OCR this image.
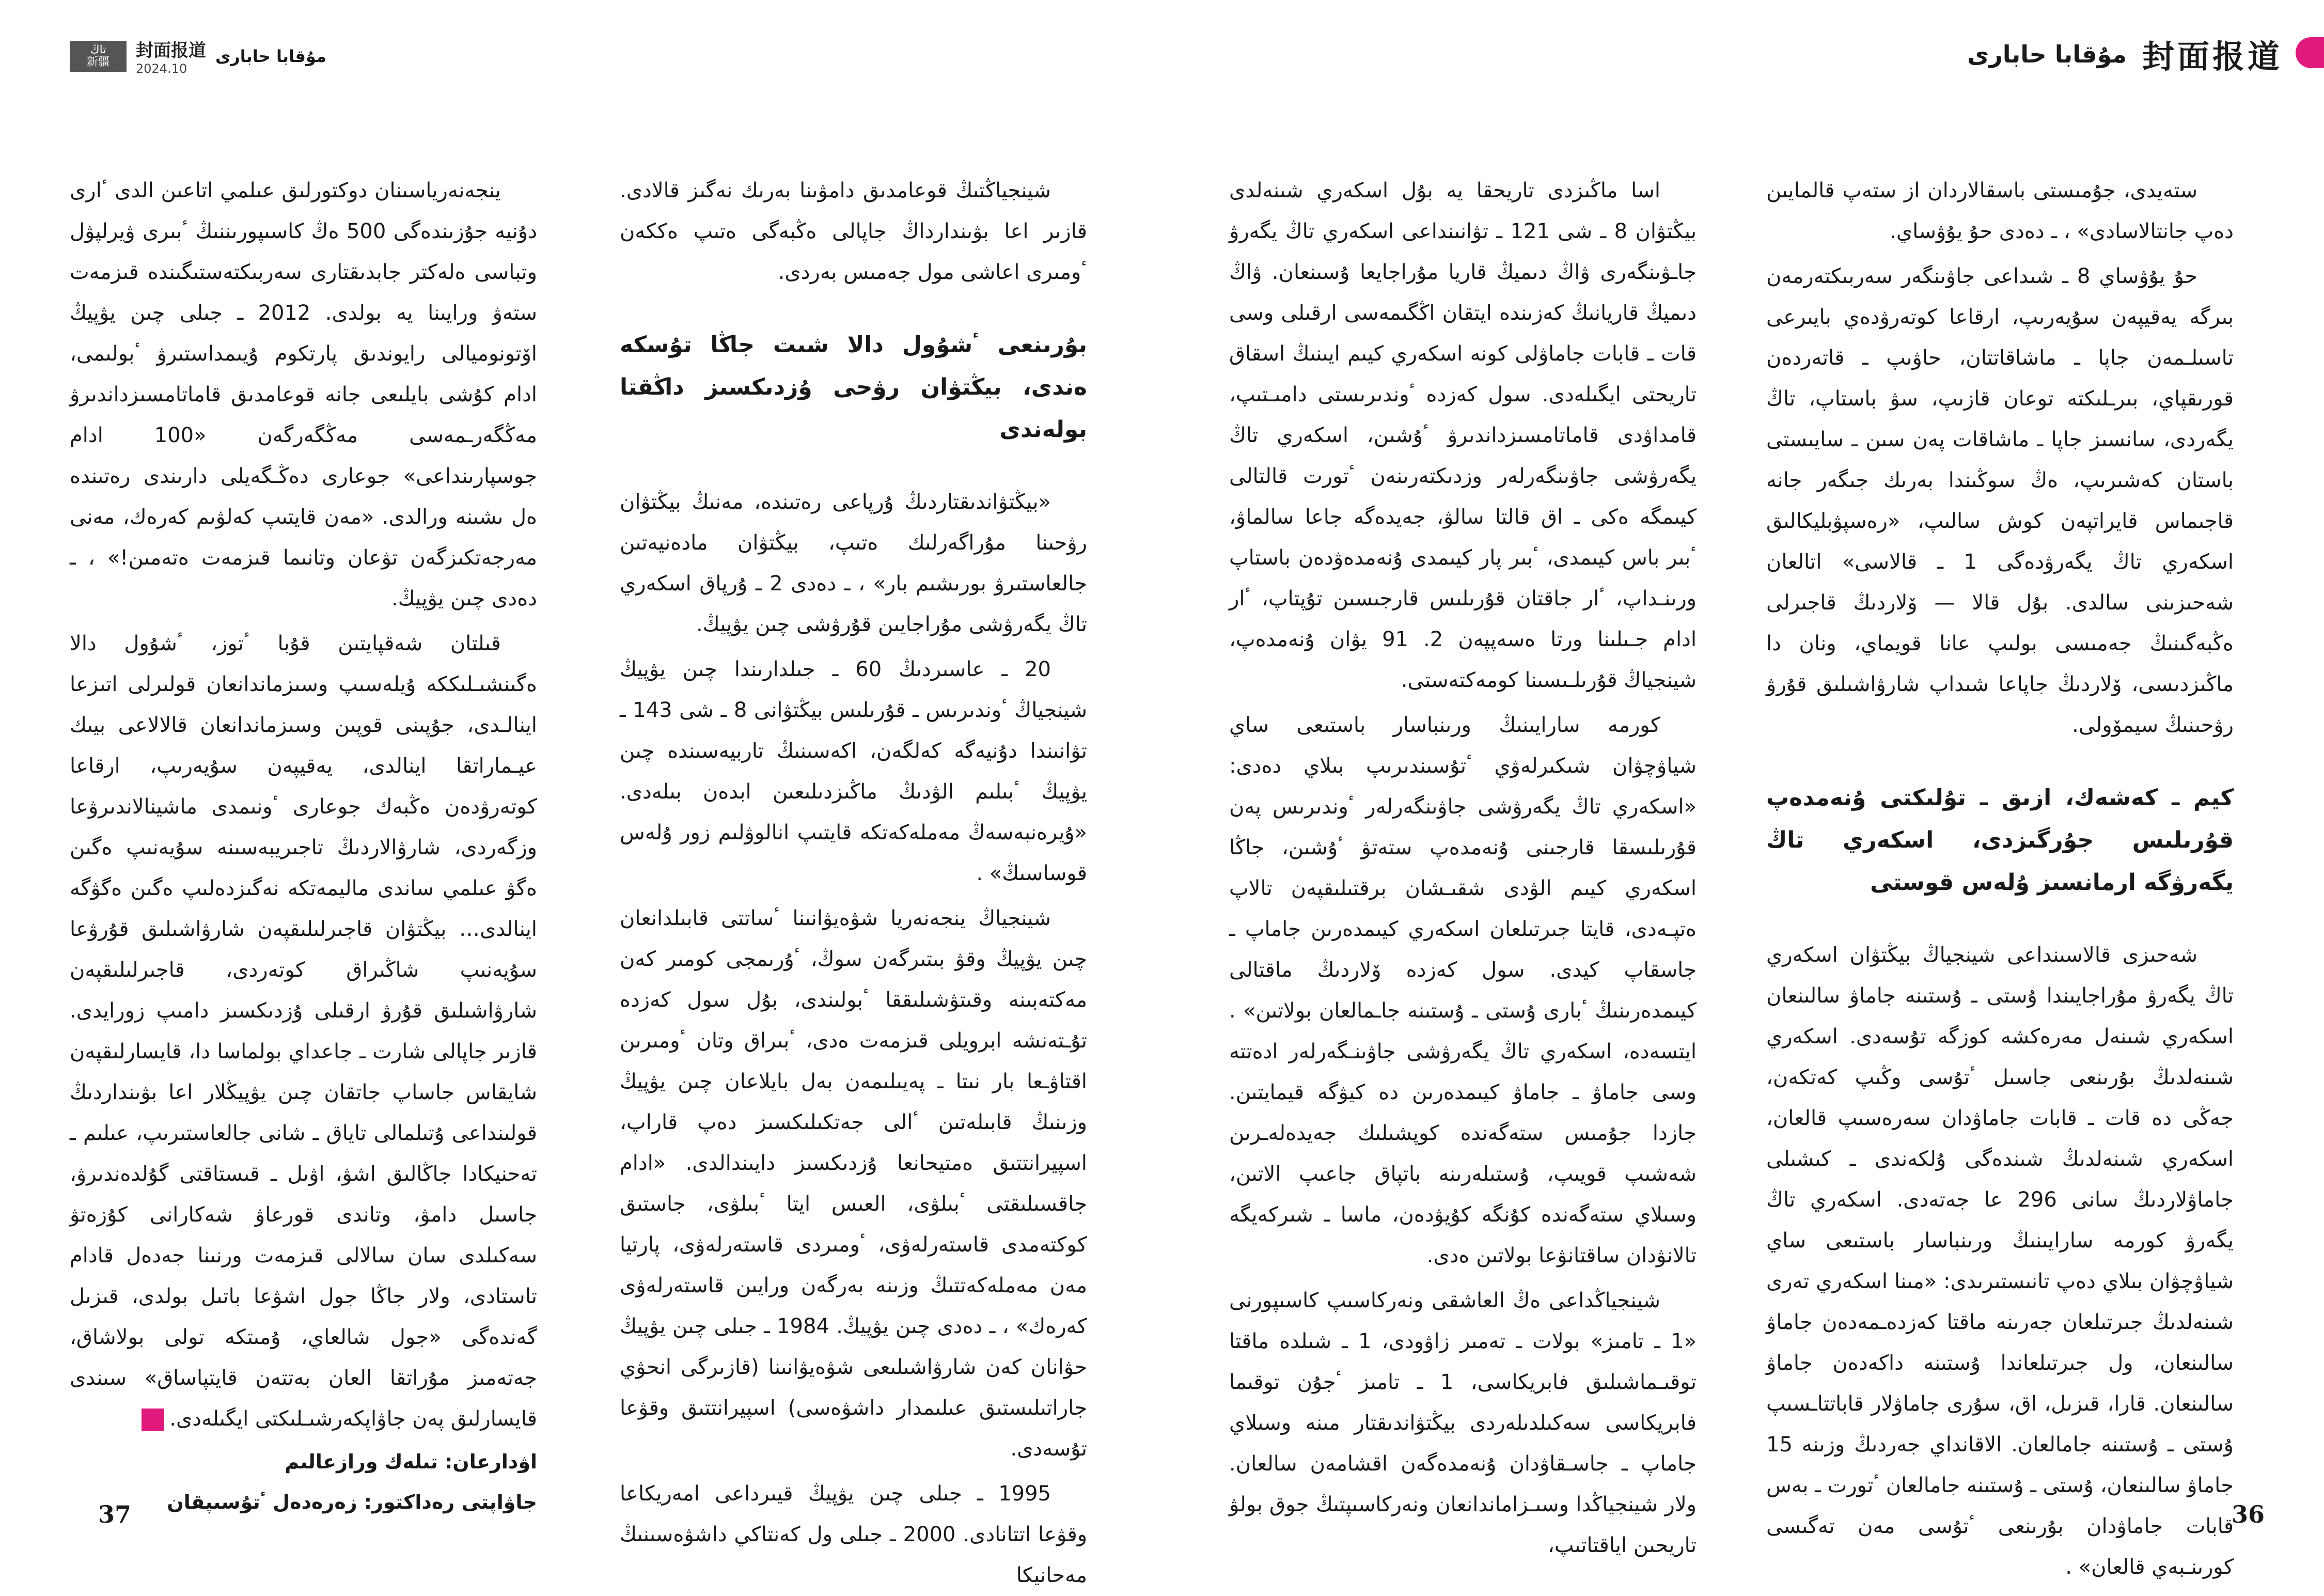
تاڭ
新疆
封面报道
2024.10
مۇقابا حابارى

ينجەنەرياسىنان دوكتورلىق عىلمي اتاعىن الدى ٴارى دۇنيە جۇزىندەگى 500 ەڭ كاسىپورىننىڭ ٴبىرى ۋيرلپۋل وتباسى ەلەكتر جابدىقتارى سەربىكتەستىگىندە قىزمەت ستەۋ ورايىنا يە بولدى. 2012 ـ جىلى چىن يۋپيڭ اۆتونوميالى رايوندىق پارتكوم ۇيىمداستىرۋ ٴبولىمى، ادام كۇشى بايلىعى جانە قوعامدىق قاماتامسىزداندىرۋ مەڭگەرـمەسى مەڭگەرگەن «100 ادام جوسپارىنداعى» جوعارى دەڭـگەيلى دارىندى رەتىندە ەل ىشىنە ورالدى. «مەن قايتىپ كەلۋىم كەرەك، مەنى مەرجەتكىزگەن تۋعان وتانىما قىزمەت ەتەمىن!» ، ـ دەدى چىن يۋپيڭ.

قىلتان شەقپايتىن قۇبا ٴتوز، ٴشۇول دالا ەگىنشىـلىككە ۇيلەسىپ وسىزماندانعان قولىرلى اتىزعا اينالـدى، جۇپىنى قوپىن وسىزماندانعان قالالاعى بيىك عيـماراتقا اينالدى، يەقيپەن سۇيەرىپ، ارقاعا كوتەرۋدەن ەڭبەك جوعارى ٴونىمدى ماشينالاندىرۋعا وزگەردى، شارۋالاردىڭ تاجىريبەسىنە سۇيەنىپ ەگىن ەگۋ عىلمي ساندى ماليمەتكە نەگىزدەلىپ ەگىن ەگۋگە اينالدى… بيڭتۋان قاجىرلىلىقپەن شارۋاشىلىق قۇرۋعا سۇيەنىپ شاڭىراق كوتەردى، قاجىرلىلىقپەن شارۋاشىلىق قۇرۋ ارقىلى ۇزدىكسىز دامىپ زورايدى. قازىر جاپالى شارت ـ جاعداي بولماسا دا، قايسارلىقپەن شايقاس جاساپ جاتقان چىن يۋپيڭلار اعا بۋىنداردىڭ قولىنداعى ۇتىلمالى تاياق ـ شانى جالعاستىرىپ، عىلىم ـ تەحنيكادا جاڭالىق اشۋ، اۋىل ـ قىستاقتى گۇلدەندىرۋ، جاسىل دامۋ، وتاندى قورعاۋ شەكارانى كۇزەتۋ سەكىلدى سان سالالى قىزمەت ورنىنا جەدەل قادام تاستادى، ولار جاڭا جول اشۋعا باتىل بولدى، قىزىل گەندەگى «جول شالعاي، ۇمىتكە تولى بولاشاق، جەتەمىز مۇراتقا العان بەتتەن قايتپاساق» سىندى قايسارلىق پەن جاۋاپكەرشىـلىكتى ايگىلەدى.ر

اۋدارعان: تىلەك ورازعالىم

جاۋاپتى رەداكتور: زەرەدەل ٴتۇسىپقان

شينجياڭتىڭ قوعامدىق دامۋىنا بەرىك نەگىز قالادى. قازىر اعا بۋىندارداڭ جاپالى ەڭبەگى ەتىپ ەككەن ٴومىرى اعاشى مول جەمىس بەردى.

بۇرىنعى ٴشۇول دالا شىت جاڭا تۇسكە ەندى، بيڭتۋان رۋحى ۇزدىكسىز داڭقتا بولەندى

«بيڭتۋاندىقتاردىڭ ۇرپاعى رەتىندە، مەنىڭ بيڭتۋان رۋحىنا مۇراگەرلىك ەتىپ، بيڭتۋان مادەنيەتىن جالعاستىرۋ بورىشىم بار» ، ـ دەدى 2 ـ ۇرپاق اسكەري تاڭ يگەرۋشى مۇراجايىن قۇرۋشى چىن يۋپيڭ.

20 ـ عاسىردىڭ 60 ـ جىلدارىندا چىن يۋپيڭ شينجياڭ ٴوندىرىس ـ قۇرىلىس بيڭتۋانى 8 ـ شى 143 ـ تۋانىندا دۇنيەگە كەلگەن، اكەسىنىڭ تاربيەسىندە چىن يۋپيڭ ٴبىلىم الۋدىڭ ماڭىزدىلىعىن ابدەن بىلەدى. «ۇيرەنبەسەڭ مەملەكەتكە قايتىپ انالوۋلىم زور ۇلەس قوساسىڭ» .

شينجياڭ ينجەنەريا شۋەيۋانىنا ٴساتتى قابىلدانعان چىن يۋپيڭ وقۋ بىتىرگەن سوڭ، ٴۇرىمجى كومىر كەن مەكتەبىنە وقىتۋشىلىققا ٴبولىندى، بۇل سول كەزدە تۇـتەنشە ابرويلى قىزمەت ەدى، ٴبىراق وتان ٴومىرىن اقتاۋـعا بار نىتا ـ پەيىلىمەن بەل بايلاعان چىن يۋپيڭ وزىنىڭ قابىلەتىن ٴالى جەتكىلىكسىز دەپ قاراپ، اسپيرانتتىق ەمتيحانعا ۇزدىكسىز دايىندالدى. «ادام جاقسىلىقتى ٴبىلۋى، العىس ايتا ٴبىلۋى، جاستىق كوكتەمدى قاستەرلەۋى، ٴومىردى قاستەرلەۋى، پارتيا مەن مەملەكەتتىڭ وزىنە بەرگەن ورايىن قاستەرلەۋى كەرەك» ، ـ دەدى چىن يۋپيڭ. 1984 ـ جىلى چىن يۋپيڭ حۋانان كەن شارۋاشىلىعى شۋەيۋانىنا (قازىرگى انحۋي جاراتىلىستىق عىلىمدار داشۋەسى) اسپيرانتتىق وقۋعا تۇسەدى.

1995 ـ جىلى چىن يۋپيڭ قيىرداعى امەريكاعا وقۋعا اتتانادى. 2000 ـ جىلى ول كەنتاكي داشۋەسىنىڭ مەحانيكا

37
مۇقابا حابارى 封面报道

اسا ماڭىزدى تاريحقا يە بۇل اسكەري شىنەلدى بيڭتۋان 8 ـ شى 121 ـ تۋانىنداعى اسكەري تاڭ يگەرۋ جاـۋىنگەرى ۋاڭ دىميڭ قاريا مۇراجايعا ۇسىنعان. ۋاڭ دىميڭ قاريانىڭ كەزىندە ايتقان اڭگىمەسى ارقىلى وسى قات ـ قابات جاماۋلى كونە اسكەري كيىم ايىنىڭ اسقاق تاريحتى ايگىلەدى. سول كەزدە ٴوندىرىستى دامىـتىپ، قامداۋدى قاماتامسىزداندىرۋ ٴۇشىن، اسكەري تاڭ يگەرۋشى جاۋىنگەرلەر وزدىكتەرىنەن ٴتورت قالتالى كيىمگە ەكى ـ اق قالتا سالۋ، جەيدەگە جاعا سالماۋ، ٴبىر باس كيىمدى، ٴبىر پار كيىمدى ۇنەمدەۋدەن باستاپ ورىنـداپ، ٴار جاقتان قۇرىلىس قارجىسىن تۇپتاپ، ٴار ادام جـىلىنا ورتا ەسەپپەن 2. 91 يۋان ۇنەمدەپ، شينجياڭ قۇرىلـىسىنا كومەكتەستى.

كورمە سارايىنىڭ ورىنباسار باستىعى ساي شياۋچۋان شىكىرلەۋي ٴتۇسىندىرىپ بىلاي دەدى: «اسكەري تاڭ يگەرۋشى جاۋىنگەرلەر ٴوندىرىس پەن قۇرىلىسقا قارجىنى ۇنەمدەپ ستەتۋ ٴۇشىن، جاڭا اسكەري كيىم الۋدى شقىـشان برقتىلىقپەن تالاپ ەتپـەدى، قايتا جىرتىلعان اسكەري كيىمدەرىن جاماپ ـ جاسقاپ كيدى. سول كەزدە ۆلاردىڭ ماقتالى كيىمدەرىنىڭ ٴبارى ۇستى ـ ۇستىنە جاـمالعان بولاتىن» . ايتسەدە، اسكەري تاڭ يگەرۋشى جاۋىنـگەرلەر ادەتتە وسى جاماۋ ـ جاماۋ كيىمدەرىن دە كيۋگە قيمايتىن. جازدا جۇمىس ستەگەندە كوپشىلىك جەيدەلەـرىن شەشىپ قويىپ، ۇستىلەرىنە باتپاق جاعىپ الاتىن، وسىلاي ستەگەندە كۇنگە كۇيۋدەن، ماسا ـ شىركەيگە تالانۋدان ساقتانۋعا بولاتىن ەدى.

شينجياڭداعى ەڭ العاشقى ونەركاسىپ كاسىپورنى «1 ـ تامىز» بولات ـ تەمىر زاۋودى، 1 ـ شىلدە ماقتا توقىـماشىلىق فابريكاسى، 1 ـ تامىز ٴجۇن توقىما فابريكاسى سەكىلدىلەردى بيڭتۋاندىقتار مىنە وسىلاي جاماپ ـ جاسـقاۋدان ۇنەمدەگەن اقشامەن سالعان. ولار شينجياڭدا وسىـزاماندانعان ونەركاسىپتىڭ جوق بولۋ تاريحىن اياقتاتىپ،

ستەيدى، جۇمىستى باسقالاردان از ستەپ قالمايىن دەپ جانتالاسادى» ، ـ دەدى حۇ يۇۋساي.

حۇ يۇۋساي 8 ـ شىداعى جاۋىنگەر سەربىكتەرمەن بىرگە يەقيپەن سۇيەرىپ، ارقاعا كوتەرۋدەي بايىرعى تاسىلـمەن جاپا ـ ماشاقاتتان، حاۋىپ ـ قاتەردەن قورىقپاي، بىرـلىكتە توعان قازىپ، سۋ باستاپ، تاڭ يگەردى، سانسىز جاپا ـ ماشاقات پەن سىن ـ سايىستى باستان كەشىرىپ، ەڭ سوڭىندا بەرىك جىگەر جانە قاجىماس قايراتپەن كوش سالىپ، «رەسپۋبليكالىق اسكەري تاڭ يگەرۋدەگى 1 ـ قالاسى» اتالعان شەحىزىنى سالدى. بۇل قالا — ۆلاردىڭ قاجىرلى ەڭبەگىنىڭ جەمىسى بولىپ عانا قويماي، ونان دا ماڭىزدىسى، ۆلاردىڭ جاپاعا شىداپ شارۋاشىلىق قۇرۋ رۋحىنىڭ سيمۆولى.

كيم ـ كەشەك، ازىق ـ تۇلىكتى ۇنەمدەپ قۇرىلىس جۇرگىزدى، اسكەري تاڭ يگەرۋگە ارمانسىز ۇلەس قوستى

شەحىزى قالاسىنداعى شينجياڭ بيڭتۋان اسكەري تاڭ يگەرۋ مۇراجايىندا ۇستى ـ ۇستىنە جاماۋ سالىنعان اسكەري شىنەل مەرەكشە كوزگە تۇسەدى. اسكەري شىنەلدىڭ بۇرىنعى جاسىل ٴتۇسى وڭىپ كەتكەن، جەڭى دە قات ـ قابات جاماۋدان سەرەسىپ قالعان، اسكەري شىنەلدىڭ شىندەگى ۇلكەندى ـ كىشىلى جاماۋلاردىڭ سانى 296 عا جەتەدى. اسكەري تاڭ يگەرۋ كورمە سارايىنىڭ ورىنباسار باستىعى ساي شياۋچۋان بىلاي دەپ تانىستىرىدى: «مىنا اسكەري تەرى شىنەلدىڭ جىرتىلعان جەرىنە ماقتا كەزدەـمەدەن جاماۋ سالىنعان، ول جىرتىلعاندا ۇستىنە داكەدەن جاماۋ سالىنعان. قارا، قىزىل، اق، سۇرى جاماۋلار قاباتتاـسىپ ۇستى ـ ۇستىنە جامالعان. الاقانداي جەردىڭ وزىنە 15 جاماۋ سالىنعان، ۇستى ـ ۇستىنە جامالعان ٴتورت ـ بەس قابات جاماۋدان بۇرىنعى ٴتۇسى مەن تەگىسى كورىنـبەي قالعان» .

36
